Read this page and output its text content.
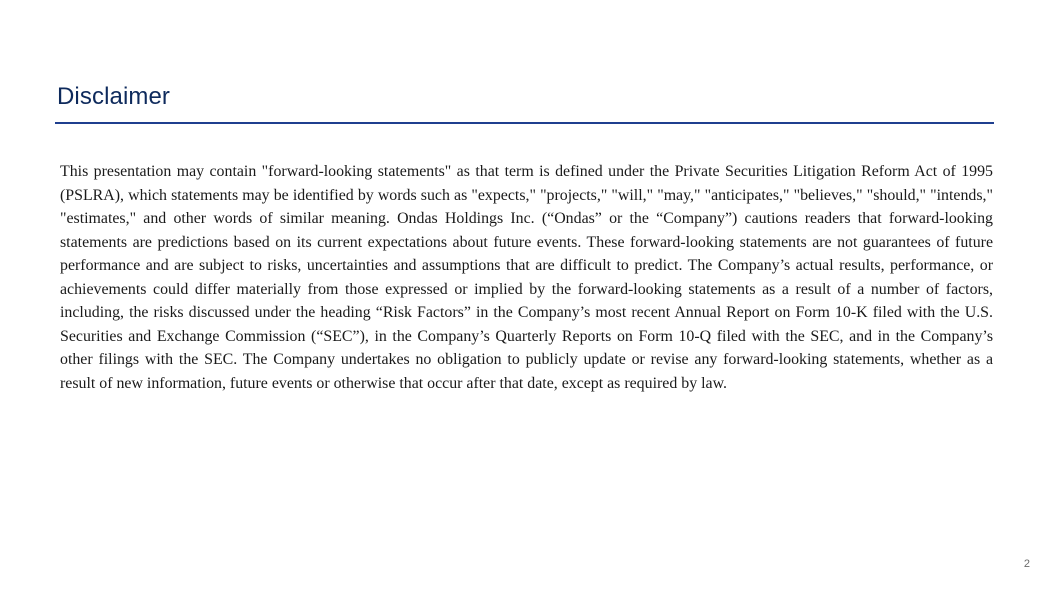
Disclaimer

This presentation may contain "forward-looking statements" as that term is defined under the Private Securities Litigation Reform Act of 1995 (PSLRA), which statements may be identified by words such as "expects," "projects," "will," "may," "anticipates," "believes," "should," "intends," "estimates," and other words of similar meaning. Ondas Holdings Inc. (“Ondas” or the “Company”) cautions readers that forward-looking statements are predictions based on its current expectations about future events. These forward-looking statements are not guarantees of future performance and are subject to risks, uncertainties and assumptions that are difficult to predict. The Company’s actual results, performance, or achievements could differ materially from those expressed or implied by the forward-looking statements as a result of a number of factors, including, the risks discussed under the heading “Risk Factors” in the Company’s most recent Annual Report on Form 10-K filed with the U.S. Securities and Exchange Commission (“SEC”), in the Company’s Quarterly Reports on Form 10-Q filed with the SEC, and in the Company’s other filings with the SEC. The Company undertakes no obligation to publicly update or revise any forward-looking statements, whether as a result of new information, future events or otherwise that occur after that date, except as required by law.

2
